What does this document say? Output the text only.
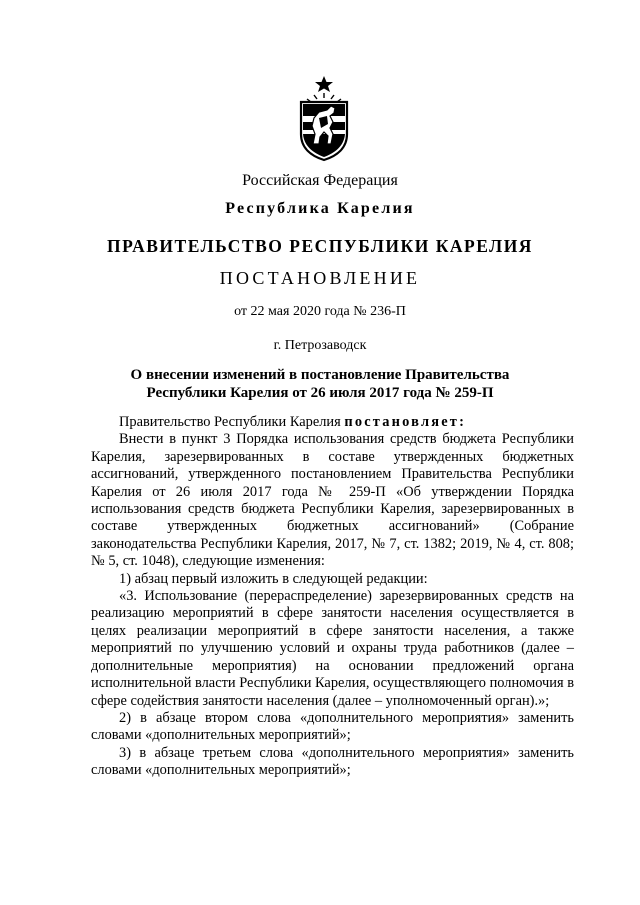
Российская Федерация
Республика Карелия
ПРАВИТЕЛЬСТВО РЕСПУБЛИКИ КАРЕЛИЯ
ПОСТАНОВЛЕНИЕ
от 22 мая 2020 года № 236-П
г. Петрозаводск
О внесении изменений в постановление Правительства
Республики Карелия от 26 июля 2017 года № 259-П

Правительство Республики Карелия постановляет:

Внести в пункт 3 Порядка использования средств бюджета Республики Карелия, зарезервированных в составе утвержденных бюджетных ассигнований, утвержденного постановлением Правительства Республики Карелия от 26 июля 2017 года № 259-П «Об утверждении Порядка использования средств бюджета Республики Карелия, зарезервированных в составе утвержденных бюджетных ассигнований» (Собрание законодательства Республики Карелия, 2017, № 7, ст. 1382; 2019, № 4, ст. 808; № 5, ст. 1048), следующие изменения:

1) абзац первый изложить в следующей редакции:

«3. Использование (перераспределение) зарезервированных средств на реализацию мероприятий в сфере занятости населения осуществляется в целях реализации мероприятий в сфере занятости населения, а также мероприятий по улучшению условий и охраны труда работников (далее – дополнительные мероприятия) на основании предложений органа исполнительной власти Республики Карелия, осуществляющего полномочия в сфере содействия занятости населения (далее – уполномоченный орган).»;

2) в абзаце втором слова «дополнительного мероприятия» заменить словами «дополнительных мероприятий»;

3) в абзаце третьем слова «дополнительного мероприятия» заменить словами «дополнительных мероприятий»;
